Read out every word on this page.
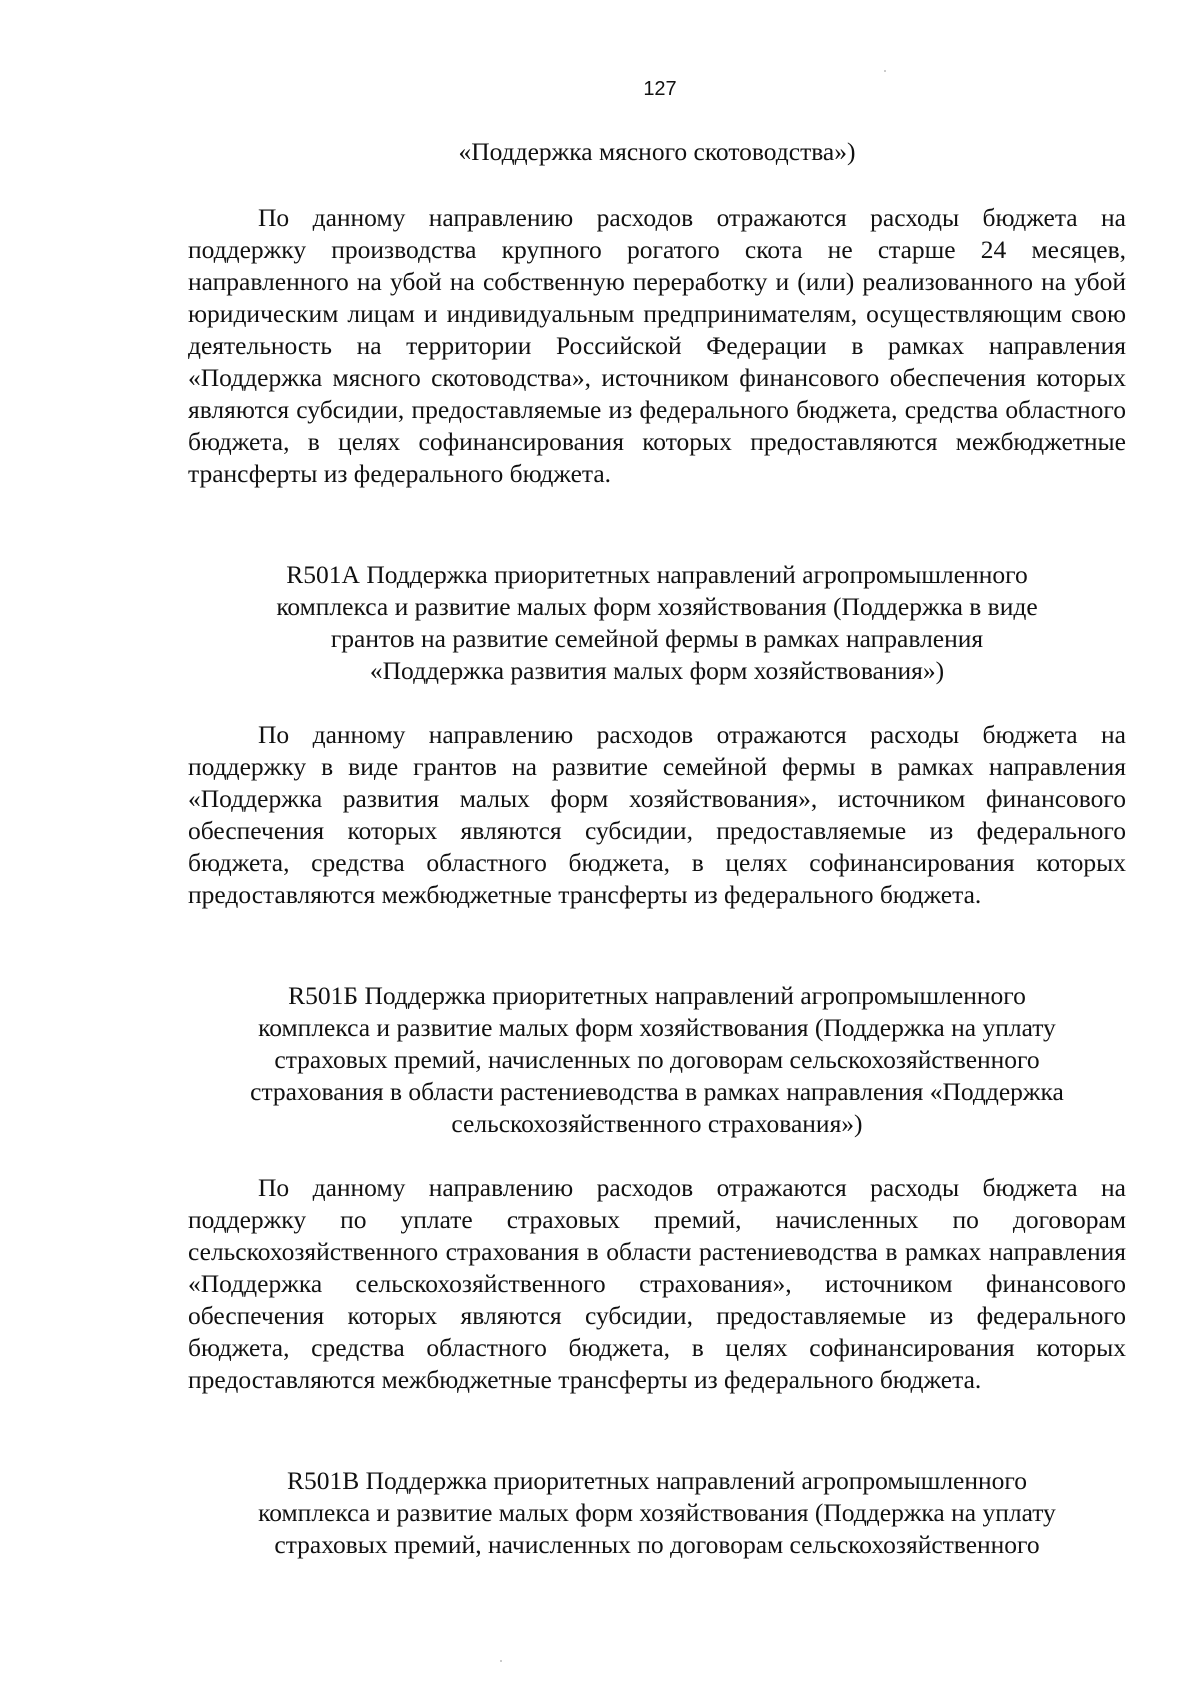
127
«Поддержка мясного скотоводства»)
По данному направлению расходов отражаются расходы бюджета на поддержку производства крупного рогатого скота не старше 24 месяцев, направленного на убой на собственную переработку и (или) реализованного на убой юридическим лицам и индивидуальным предпринимателям, осуществляющим свою деятельность на территории Российской Федерации в рамках направления «Поддержка мясного скотоводства», источником финансового обеспечения которых являются субсидии, предоставляемые из федерального бюджета, средства областного бюджета, в целях софинансирования которых предоставляются межбюджетные трансферты из федерального бюджета.
R501А Поддержка приоритетных направлений агропромышленного
комплекса и развитие малых форм хозяйствования (Поддержка в виде
грантов на развитие семейной фермы в рамках направления
«Поддержка развития малых форм хозяйствования»)
По данному направлению расходов отражаются расходы бюджета на поддержку в виде грантов на развитие семейной фермы в рамках направления «Поддержка развития малых форм хозяйствования», источником финансового обеспечения которых являются субсидии, предоставляемые из федерального бюджета, средства областного бюджета, в целях софинансирования которых предоставляются межбюджетные трансферты из федерального бюджета.
R501Б Поддержка приоритетных направлений агропромышленного
комплекса и развитие малых форм хозяйствования (Поддержка на уплату
страховых премий, начисленных по договорам сельскохозяйственного
страхования в области растениеводства в рамках направления «Поддержка
сельскохозяйственного страхования»)
По данному направлению расходов отражаются расходы бюджета на поддержку по уплате страховых премий, начисленных по договорам сельскохозяйственного страхования в области растениеводства в рамках направления «Поддержка сельскохозяйственного страхования», источником финансового обеспечения которых являются субсидии, предоставляемые из федерального бюджета, средства областного бюджета, в целях софинансирования которых предоставляются межбюджетные трансферты из федерального бюджета.
R501В Поддержка приоритетных направлений агропромышленного
комплекса и развитие малых форм хозяйствования (Поддержка на уплату
страховых премий, начисленных по договорам сельскохозяйственного
